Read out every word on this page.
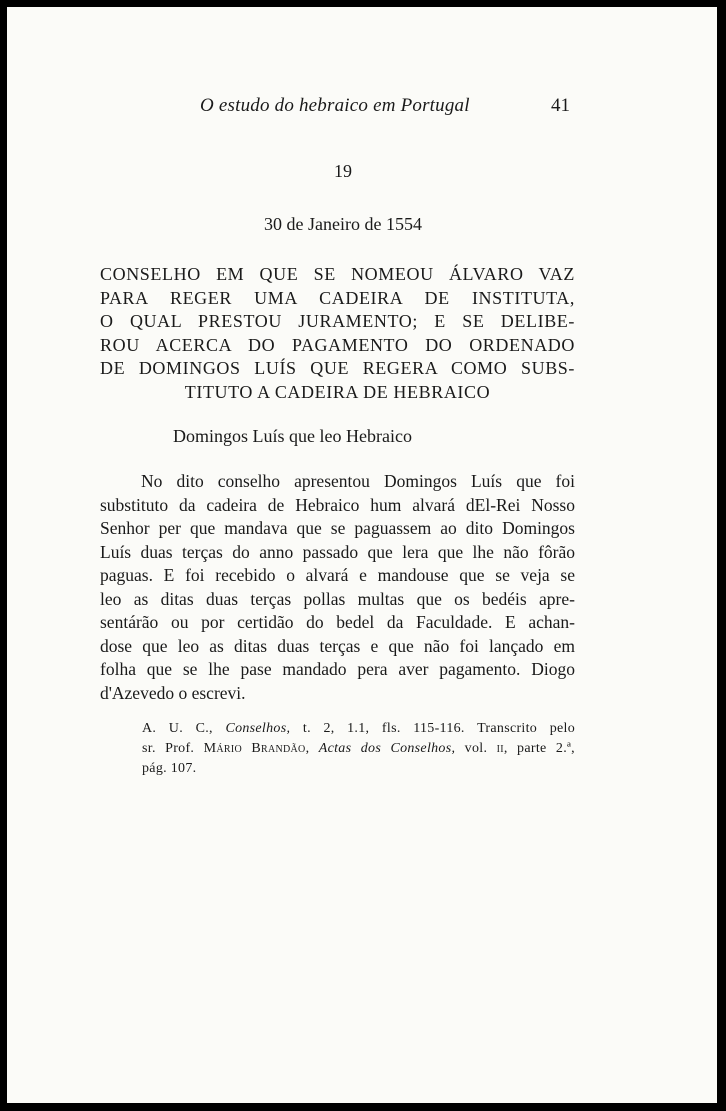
O estudo do hebraico em Portugal	41
19
30 de Janeiro de 1554
CONSELHO EM QUE SE NOMEOU ÁLVARO VAZ
PARA REGER UMA CADEIRA DE INSTITUTA,
O QUAL PRESTOU JURAMENTO; E SE DELIBE-
ROU ACERCA DO PAGAMENTO DO ORDENADO
DE DOMINGOS LUÍS QUE REGERA COMO SUBS-
TITUTO A CADEIRA DE HEBRAICO
Domingos Luís que leo Hebraico
No dito conselho apresentou Domingos Luís que foi
substituto da cadeira de Hebraico hum alvará dEl-Rei Nosso
Senhor per que mandava que se paguassem ao dito Domingos
Luís duas terças do anno passado que lera que lhe não fôrão
paguas. E foi recebido o alvará e mandouse que se veja se
leo as ditas duas terças pollas multas que os bedéis apre-
sentárão ou por certidão do bedel da Faculdade. E achan-
dose que leo as ditas duas terças e que não foi lançado em
folha que se lhe pase mandado pera aver pagamento. Diogo
d'Azevedo o escrevi.
A. U. C., Conselhos, t. 2, 1.1, fls. 115-116. Transcrito pelo
sr. Prof. Mário Brandão, Actas dos Conselhos, vol. ii, parte 2.ª,
pág. 107.
